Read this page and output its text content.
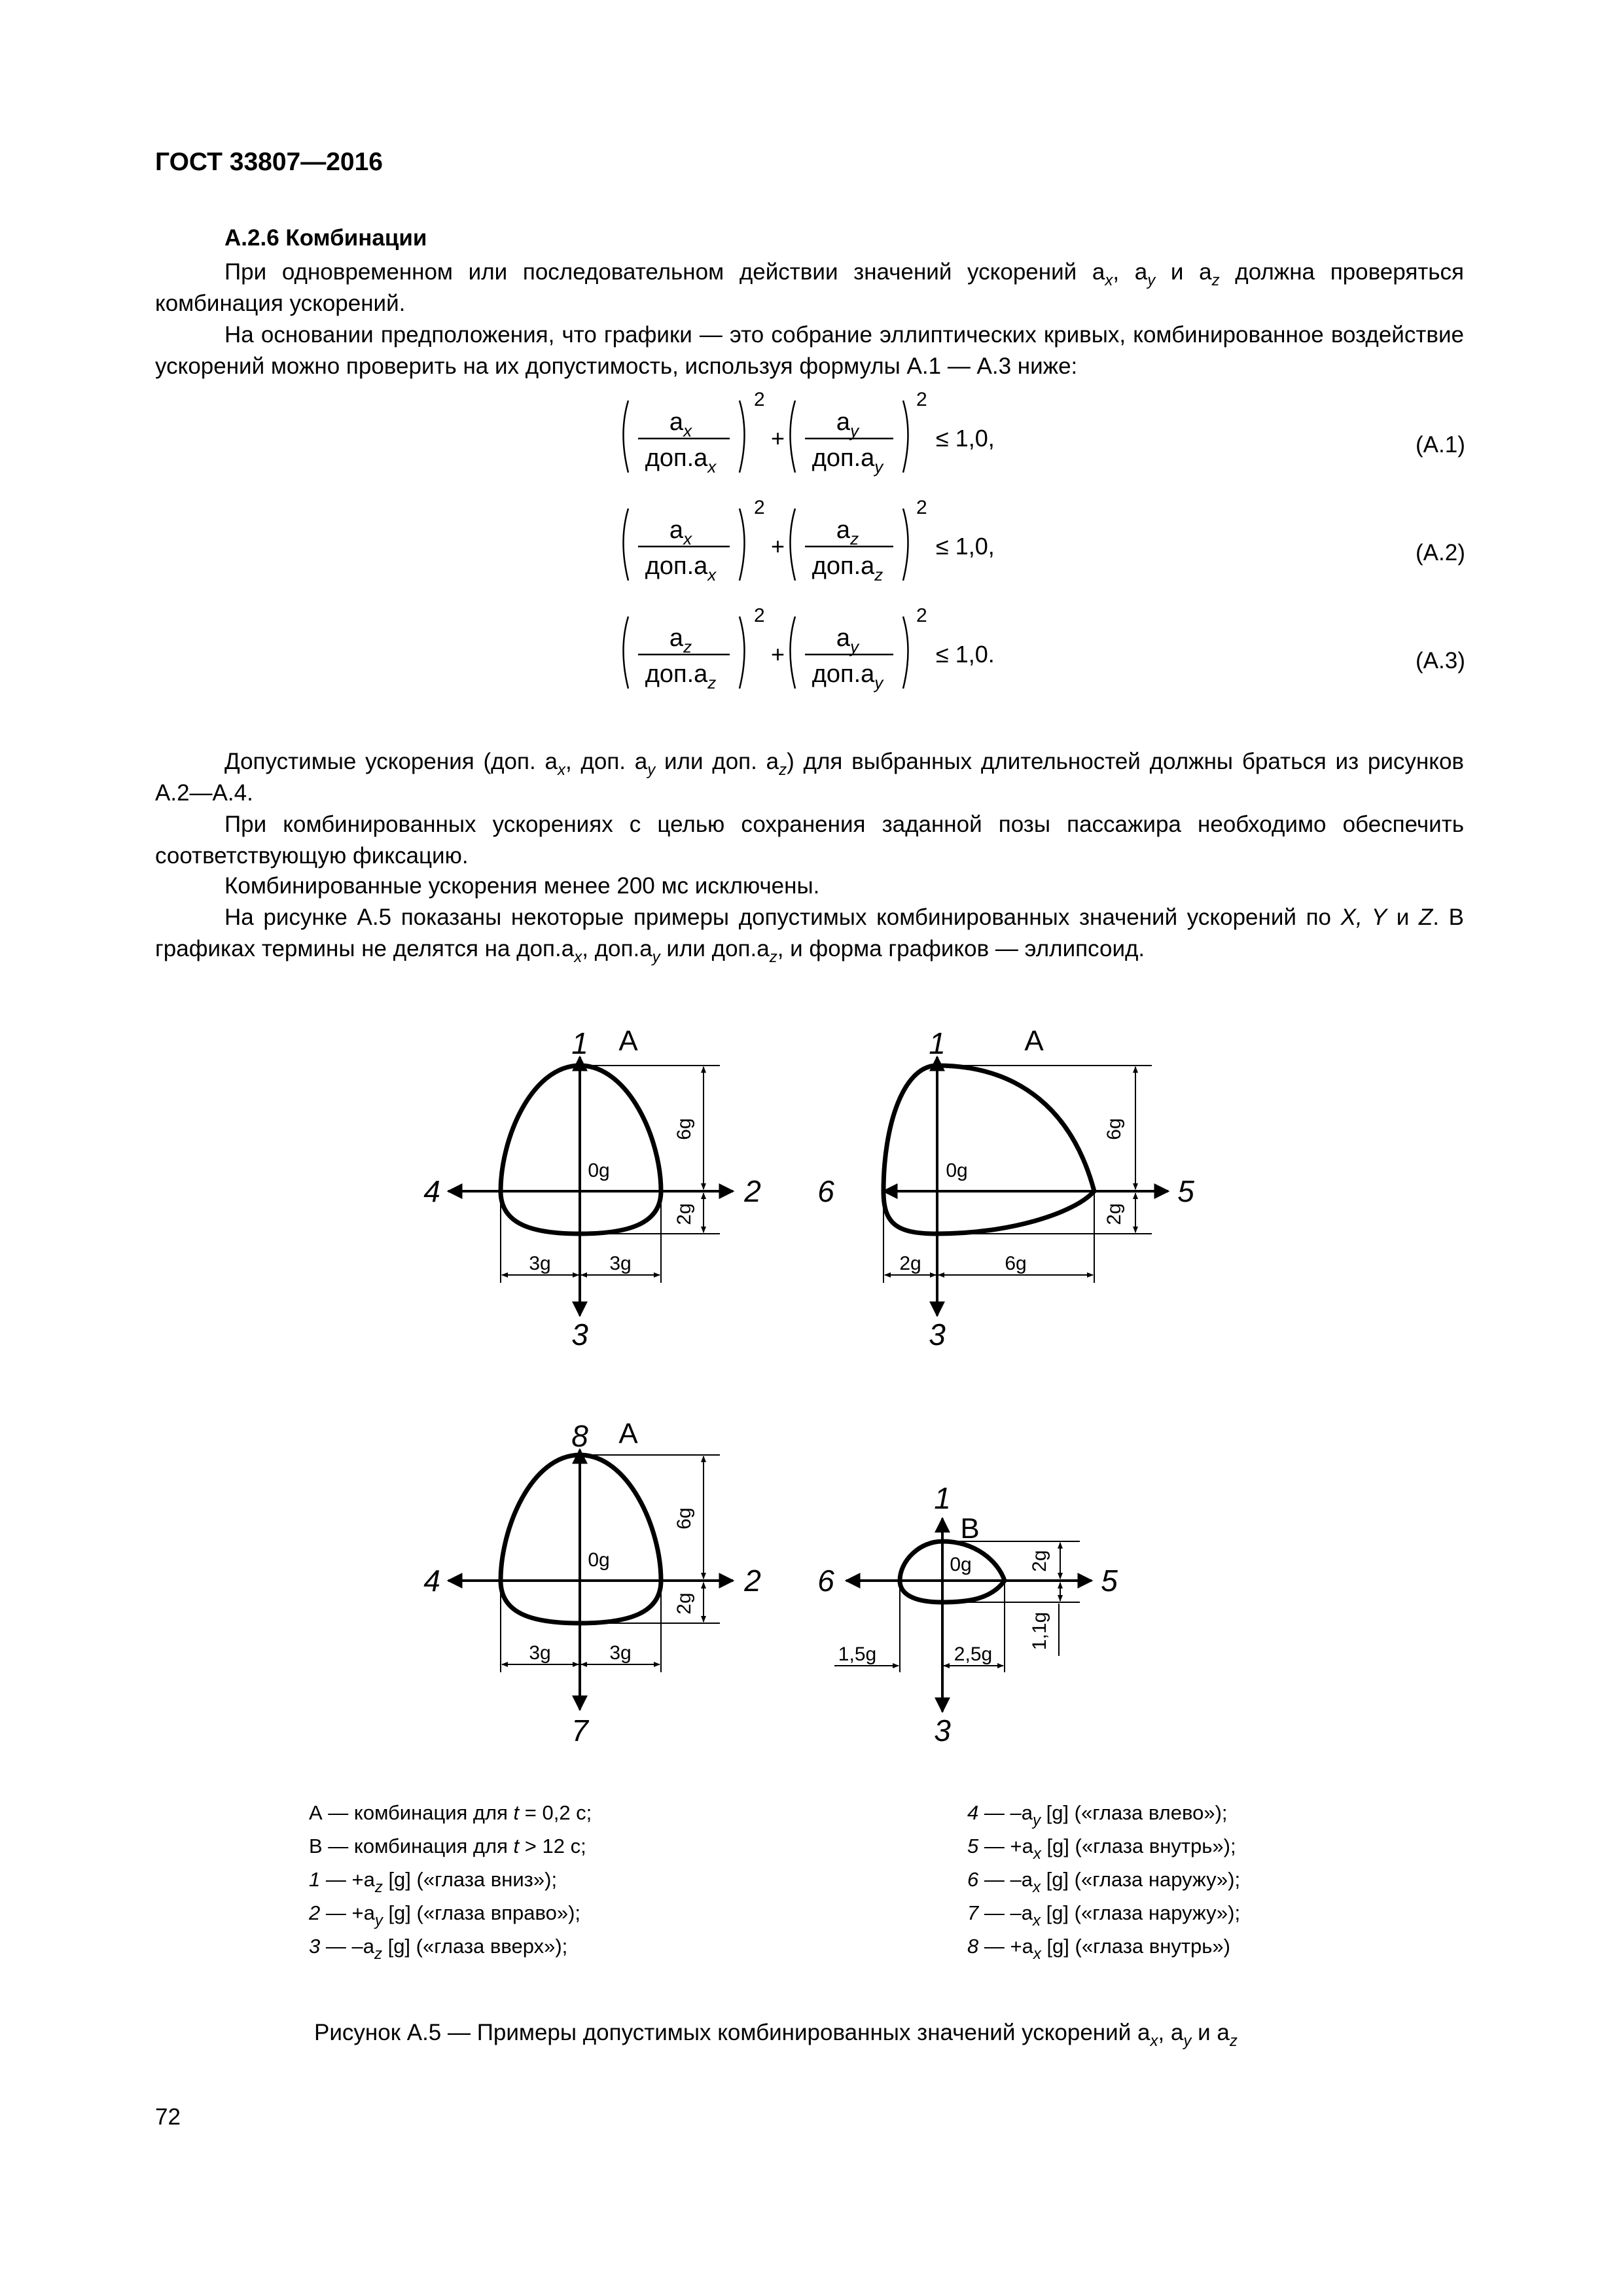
ГОСТ 33807—2016
А.2.6 Комбинации
При одновременном или последовательном действии значений ускорений $a_x$, $a_y$ и $a_z$ должна проверяться комбинация ускорений.
На основании предположения, что графики — это собрание эллиптических кривых, комбинированное воздействие ускорений можно проверить на их допустимость, используя формулы А.1 — А.3 ниже:
$a_x$
$доп.a_x$
2
+
$a_y$
$доп.a_y$
2
≤ 1,0,
$a_x$
$доп.a_x$
2
+
$a_z$
$доп.a_z$
2
≤ 1,0,
$a_z$
$доп.a_z$
2
+
$a_y$
$доп.a_y$
2
≤ 1,0.
(А.1)
(А.2)
(А.3)
Допустимые ускорения (доп. $a_x$, доп. $a_y$ или доп. $a_z$) для выбранных длительностей должны браться из рисунков А.2—А.4.
При комбинированных ускорениях с целью сохранения заданной позы пассажира необходимо обеспечить соответствующую фиксацию.
Комбинированные ускорения менее 200 мс исключены.
На рисунке А.5 показаны некоторые примеры допустимых комбинированных значений ускорений по X, Y и Z. В графиках термины не делятся на $доп.a_x$, $доп.a_y$ или $доп.a_z$, и форма графиков — эллипсоид.
1
3
4	2
A
0g
6g
2g
3g	3g
1
3
6	5
A
0g
6g
2g
2g	6g
8
7
4	2
A
0g
6g
2g
3g	3g
1
3
6	5
B
0g	2g
1,1g
1,5g	2,5g
А — комбинация для t = 0,2 с;
В — комбинация для t > 12 с;
1 — $+a_z$ [g] («глаза вниз»);
2 — $+a_y$ [g] («глаза вправо»);
3 — $-a_z$ [g] («глаза вверх»);
4 — $-a_y$ [g] («глаза влево»);
5 — $+a_x$ [g] («глаза внутрь»);
6 — $-a_x$ [g] («глаза наружу»);
7 — $-a_x$ [g] («глаза наружу»);
8 — $+a_x$ [g] («глаза внутрь»)
Рисунок А.5 — Примеры допустимых комбинированных значений ускорений $a_x$, $a_y$ и $a_z$
72
